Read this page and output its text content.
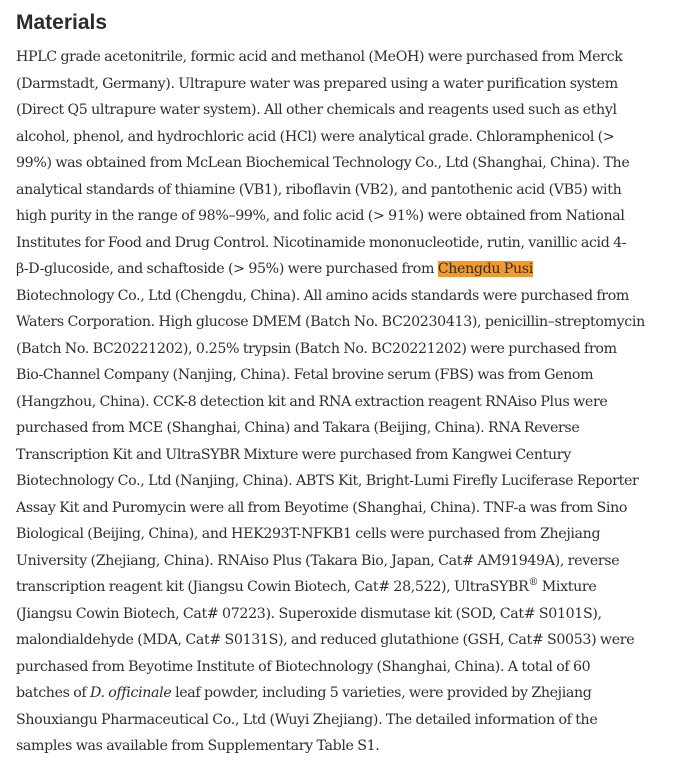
Materials
HPLC grade acetonitrile, formic acid and methanol (MeOH) were purchased from Merck
(Darmstadt, Germany). Ultrapure water was prepared using a water purification system
(Direct Q5 ultrapure water system). All other chemicals and reagents used such as ethyl
alcohol, phenol, and hydrochloric acid (HCl) were analytical grade. Chloramphenicol (>
99%) was obtained from McLean Biochemical Technology Co., Ltd (Shanghai, China). The
analytical standards of thiamine (VB1), riboflavin (VB2), and pantothenic acid (VB5) with
high purity in the range of 98%–99%, and folic acid (> 91%) were obtained from National
Institutes for Food and Drug Control. Nicotinamide mononucleotide, rutin, vanillic acid 4-
β-D-glucoside, and schaftoside (> 95%) were purchased from Chengdu Pusi
Biotechnology Co., Ltd (Chengdu, China). All amino acids standards were purchased from
Waters Corporation. High glucose DMEM (Batch No. BC20230413), penicillin–streptomycin
(Batch No. BC20221202), 0.25% trypsin (Batch No. BC20221202) were purchased from
Bio-Channel Company (Nanjing, China). Fetal brovine serum (FBS) was from Genom
(Hangzhou, China). CCK-8 detection kit and RNA extraction reagent RNAiso Plus were
purchased from MCE (Shanghai, China) and Takara (Beijing, China). RNA Reverse
Transcription Kit and UltraSYBR Mixture were purchased from Kangwei Century
Biotechnology Co., Ltd (Nanjing, China). ABTS Kit, Bright-Lumi Firefly Luciferase Reporter
Assay Kit and Puromycin were all from Beyotime (Shanghai, China). TNF-a was from Sino
Biological (Beijing, China), and HEK293T-NFKB1 cells were purchased from Zhejiang
University (Zhejiang, China). RNAiso Plus (Takara Bio, Japan, Cat# AM91949A), reverse
transcription reagent kit (Jiangsu Cowin Biotech, Cat# 28,522), UltraSYBR® Mixture
(Jiangsu Cowin Biotech, Cat# 07223). Superoxide dismutase kit (SOD, Cat# S0101S),
malondialdehyde (MDA, Cat# S0131S), and reduced glutathione (GSH, Cat# S0053) were
purchased from Beyotime Institute of Biotechnology (Shanghai, China). A total of 60
batches of D. officinale leaf powder, including 5 varieties, were provided by Zhejiang
Shouxiangu Pharmaceutical Co., Ltd (Wuyi Zhejiang). The detailed information of the
samples was available from Supplementary Table S1.
